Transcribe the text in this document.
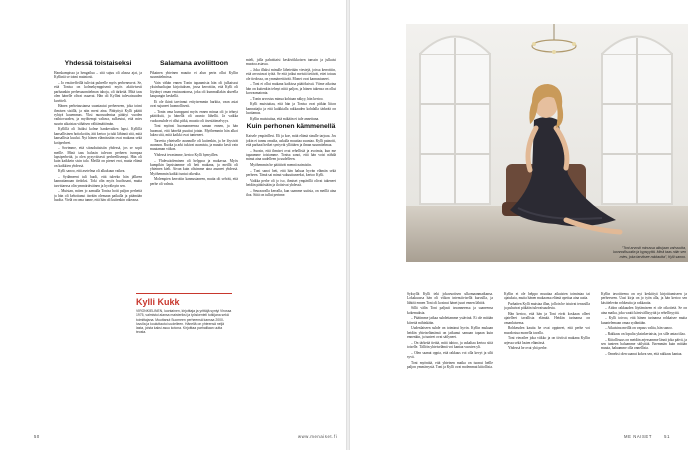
Yhdessä toistaiseksi

Hanskampissa ja hengailua – sitä sujuu oli alussa ajat, ja Kylliniä se toimi mainiosti.

– Jo ensitreffeillä tuliviat puheelle myös perheneuvot. Se, että Tonisa on kolmekymppisenä myös aktiivisesti parhaankin perhesuunnitelman tahoja, oli tärkeää. Mitä taas olen hänelle olivat osaavat. Hän oli Kyllini tulevaisuuden kuvitteli.

Hänen perhetaustansa suuntautui perheeseen, joka toimi ihmisen sisällä, ja niin meni aina. Päätyttyä Kylli päätti ryhtyä kauemmas. Yksi nuoruudentaa päättyi vuoden vaihtovuoden, ja myöhempi valtava, sulkeutui, että mies suurin aikaistaa vähäisen välttämättömän.

Kyllillä oli lisäksi kolme hankevaikea lapsi. Kyllillä kansallisinen hoitokotiin, äiti kertoo ja tuki lähinnä sitä, mitä kansallista kuului. Nyt hänen elämässään ovat mukana sekä kotiperheet.

– Sovimme, että sitouduttaisiin yhdessä, jos se sopii meille. Minä taas halusin tulevan perheen isompaa lapsiperhettä, ja olen pysyväisesti perheellisempi. Hän oli kuin kaikkein sisin talo. Meillä on pienet erot, mutta elämä on kaikkien yhdessä.

Kylli sanoo, että asetelma oli alkukuun vaikea.

– Sydämeeni tuli huoli, että tuleeko hän jälkeen kannattamaan tiedoksi. Toki olin myös huolissani, mutta tarvittaessa olin ymmärtäväinen ja hyväksyin sen.

– Muistan, miten jo aamulla Tonisa hoiti paljon perhettä ja hän oli kehottanut itseään olemaan paikalla ja pitämään huolta. Vielä on oma tunne, että hän oli kuitenkin oikeassa.

Salamana avoliittoon

Pikainen yhteinen muutto ei alun perin ollut Kyllin suunnitelmissa.

Vain vähän ennen Tonin tapaamista hän oli julkaissut yksinhuoltajan kirjoituksen, jossa kerrottiin, että Kylli oli löytänyt oman ensiasuntonsa, joka oli kummallakin alueella kaupungin keskellä.

Ei ole ikinä tarvinnut erityisemmin harkita, vaan asiat ovat sujuneet luonnollisesti.

– Tonin oma kumppani myös ennen minua oli jo tehnyt päätöksiä, ja hänellä oli asunto lähellä. Ja vaikka vuokrasuhde ei ollut pitkä, muutto oli itsestäänselvyys.

Toni myönsi huomanneensa saman ennen, ja hän huomasi, että häneltä puuttui jotain. Myöhemmin hän alkoi lukea sitä, mitä kaikki ovat tunteneet.

Tarvetta yhteiselle asunnolle oli kuitenkin, ja he löysivät asunnon. Ruoka ja arki tukivat asumista, ja muutto kesti vain muutaman viikon.

Yhdessä tevasimme, kertoo Kylli hymyillen.

– Yhdessäoleminen oli helppoa ja mukavaa. Myös kumpikin lapsistamme oli heti mukana, ja meillä oli yhteinen kieli. Aivan kuin olisimme aina asuneet yhdessä. Myöhemmin kaikki tuntui oikealta.

Molempien kerrotiin kannustaneen, mutta oli selvää, että perhe oli valmis.

mieli, jolla pahoittaisi keskiviikkoisen tanssin ja julkaisi muotoa asiassa.

– Joka illaksi minulle lähetetään viestejä, joissa kerrottiin, että arvostavat työtä. Se että jotkut meistä tietävät, ettei totuus ole tiedossa, on ymmärrettävää. Monet ovat kannustaneet.

– Toni ei ollut mukana kaikissa päätöksissä. Viime aikoina hän on kuitenkin tehnyt niitä paljon, ja hänen tukensa on ollut korvaamatonta.

– Tonin arvostus minua kohtaan näkyy, hän kertoo.

Kylli muistuttaa, että hän ja Tonisa ovat pitkän liiton kannattajia ja että kaikkialla rakkauden kohdalla tärkeää on luottamus.

Kyllin muistuttaa, että mikään ei tule annettuna.

Kuin perhonen kämmenellä

Katsele ympärillesi. Eli ja koe, mitä elämä sinulle tarjoaa. Jos jokin ei tunnu omalta, uskalla muuttaa suuntaa. Kylli painotti, että parhaat hetket syntyvät yllättäen ja ilman suunnitelmaa.

– Suosin, että ihmiset ovat rehellisiä ja avoimia, kun me tapaamme toisiamme. Tonisa sanoi, että hän voisi nähdä minut aina uudelleen ja uudelleen.

Myöhemmin he päättivät mennä naimisiin.

– Toni sanoi heti, että hän haluaa hyvän elämän sekä perheen. Tämä sai minut vakuuttuneeksi, kertoo Kylli.

Vaikka perhe oli jo iso, ihmiset ympärillä olivat tukeneet heidän päätöstään ja iloitsivat yhdessä.

– Seuraavalla kerralla, kun saamme uutisia, on meillä aina iloa. Siitä on tullut perinne.

Kylli Kukk
VIRONKIELINEN, luontainen, kirjoittaja ja yrittäjä syntyi Virossa 1975, valmistui alansa maisteriksi ja työskenteli tutkijana sekä toimittajana. Muuttanut Suomeen perheensä kanssa 2000-luvulla ja kouluttautui uudelleen. Hänellä on yhteensä neljä lasta, joista kaksi asuu kotona. Kirjoittaa parhaillaan uutta teosta.
50	www.menaiset.fi
”Toni arvosti minussa alkujaan vahvuutta, luonnollisuutta ja kypsyyttä. Minä taas näin sen mies, joka tarvitsee rakkautta”, Kylli sanoo.

Syksyllä Kylli teki jokavuotisen ulkomaanmatkansa. Lokakuussa hän oli viikon intensiivisellä kurssilla, ja lähtöä ennen Toni oli kosinut hänet juuri ennen lähtöä.

Sillä välin Toni paljasti tavanneensa ja saaneensa kokemuksia.

– Päätimme jatkaa suhdettamme ystävinä. Ei ole mitään kiirettä mihinkään.

Uudenlaiseen suhde on toiminut hyvin. Kyllin mukaan heidän yhteiselämänsä on jatkunut samaan tapaan kuin ennenkin, ja tunteet ovat säilyneet.

– On tärkeää tietää, mitä tahtoo, ja uskaltaa kertoa siitä toiselle. Tällöin yhteiselämä voi kantaa vuosien yli.

– Olen saanut oppia, että rakkaus voi olla kevyt ja silti syvä.

Toni myöntää, että yhteinen matka on tuonut heille paljon ymmärrystä. Toni ja Kylli ovat molemmat kiitollisia.

Kyllin ei ole helppo muuttaa aikuisten toimintaa tai ajatuksia, mutta hänen mukaansa elämä opettaa aina uutta.

Parhaiten Kylli muistaa illan, jolloin he istuivat terassilla ja puhuivat pitkään tulevaisuudesta.

Hän kertoo, että hän ja Toni eivät koskaan olleet ajatelleet tavallista elämää. Heidän tarinansa on omanlaisensa.

Rohkeuden kautta he ovat oppineet, että perhe voi muodostua monella tavalla.

Toni vierailee joka viikko ja on tiiviisti mukana Kyllin arjessa sekä lasten elämässä.

Yhdessä he ovat yhä perhe.

Kyllin tavoitteena on nyt keskittyä kirjoittamiseen ja perheeseen. Uusi kirja on jo työn alla, ja hän kertoo sen käsittelevän rohkeutta ja rakkautta.

– Aidon rakkauden löytämiseen ei ole oikotietä. Se on aina matka, joka vaatii kärsivällisyyttä ja rehellisyyttä.

– Kylli toivoo, että hänen tarinansa rohkaisee muita kuuntelemaan omaa sydäntään.

– Aikuisina meillä on vapaus valita, hän sanoo.

– Rakkaus on lopulta yksinkertaista, jos sille antaa tilaa.

– Kiitollisuus on meidän arjessamme läsnä joka päivä, ja sen tunteen haluamme säilyttää. Enemmän kuin mitään muuta, haluamme olla onnellisia.

– Onneksi olen saanut kokea sen, että rakkaus kantaa.

ME NAISET	51
